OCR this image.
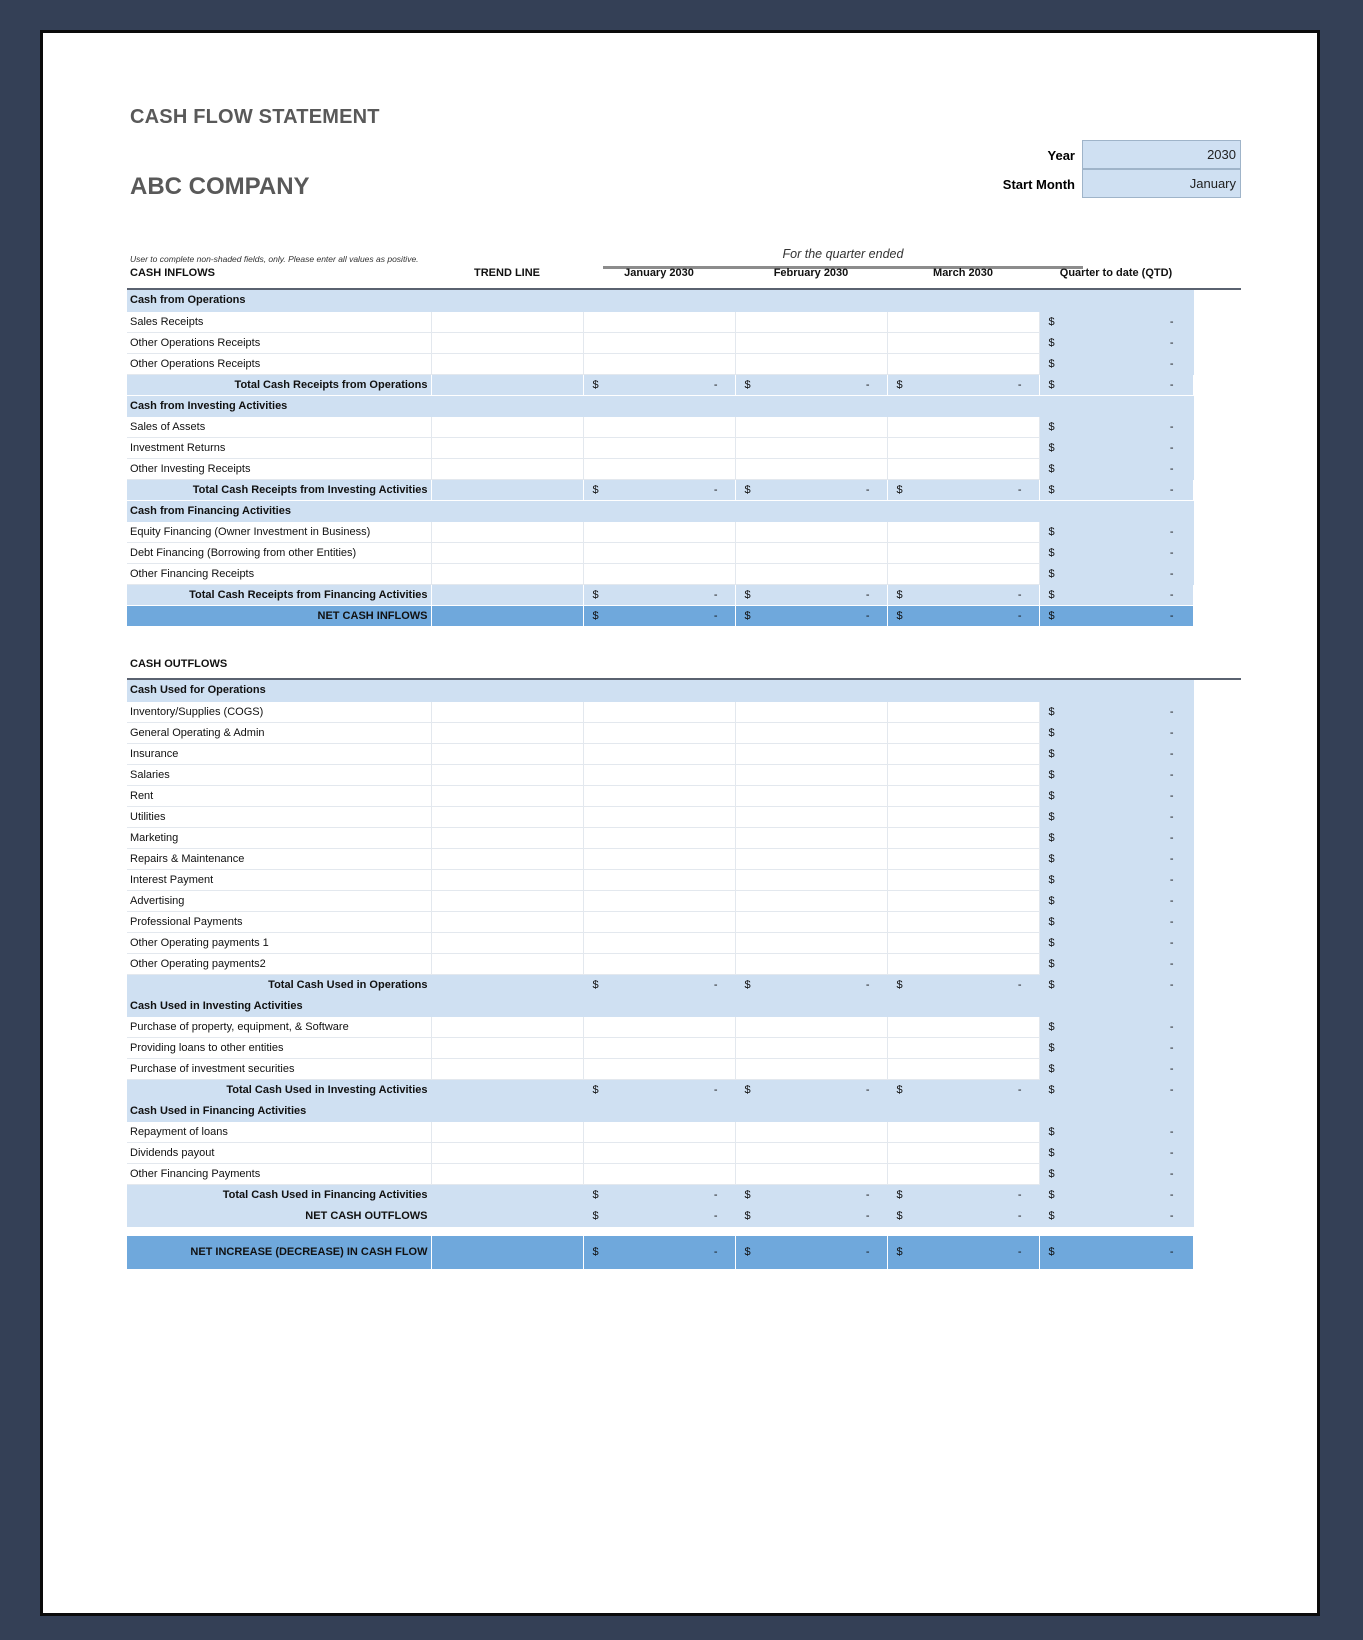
CASH FLOW STATEMENT
ABC COMPANY
Year	2030
Start Month	January
User to complete non-shaded fields, only. Please enter all values as positive.	For the quarter ended
CASH INFLOWS	TREND LINE	January 2030	February 2030	March 2030	Quarter to date (QTD)
Cash from Operations					
Sales Receipts					$ -

Other Operations Receipts					$ -

Other Operations Receipts					$ -

Total Cash Receipts from Operations		$ -	$ -	$ -	$ -

Cash from Investing Activities					
Sales of Assets					$ -

Investment Returns					$ -

Other Investing Receipts					$ -

Total Cash Receipts from Investing Activities		$ -	$ -	$ -	$ -

Cash from Financing Activities					
Equity Financing (Owner Investment in Business)					$ -

Debt Financing (Borrowing from other Entities)					$ -

Other Financing Receipts					$ -

Total Cash Receipts from Financing Activities		$ -	$ -	$ -	$ -

NET CASH INFLOWS		$ -	$ -	$ -	$ -
CASH OUTFLOWS
Cash Used for Operations					
Inventory/Supplies (COGS)					$ -

General Operating & Admin					$ -

Insurance					$ -

Salaries					$ -

Rent					$ -

Utilities					$ -

Marketing					$ -

Repairs & Maintenance					$ -

Interest Payment					$ -

Advertising					$ -

Professional Payments					$ -

Other Operating payments 1					$ -

Other Operating payments2					$ -

Total Cash Used in Operations		$ -	$ -	$ -	$ -

Cash Used in Investing Activities					
Purchase of property, equipment, & Software					$ -

Providing loans to other entities					$ -

Purchase of investment securities					$ -

Total Cash Used in Investing Activities		$ -	$ -	$ -	$ -

Cash Used in Financing Activities					
Repayment of loans					$ -

Dividends payout					$ -

Other Financing Payments					$ -

Total Cash Used in Financing Activities		$ -	$ -	$ -	$ -

NET CASH OUTFLOWS		$ -	$ -	$ -	$ -

NET INCREASE (DECREASE) IN CASH FLOW		$ -	$ -	$ -	$ -
